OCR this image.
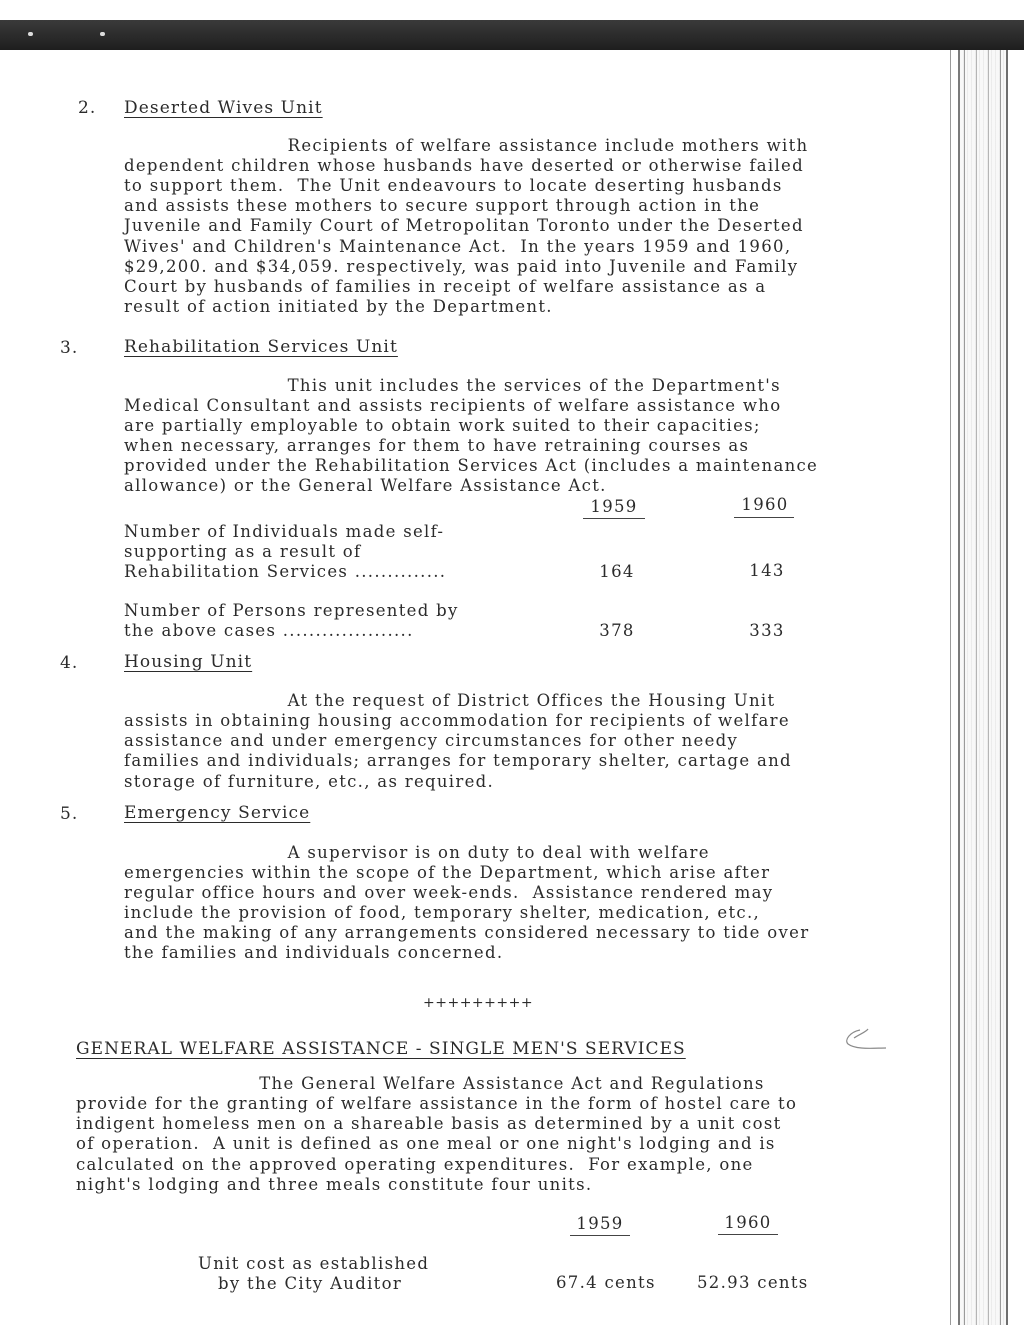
2. Deserted Wives Unit

Recipients of welfare assistance include mothers with

dependent children whose husbands have deserted or otherwise failed

to support them.  The Unit endeavours to locate deserting husbands

and assists these mothers to secure support through action in the

Juvenile and Family Court of Metropolitan Toronto under the Deserted

Wives' and Children's Maintenance Act.  In the years 1959 and 1960,

$29,200. and $34,059. respectively, was paid into Juvenile and Family

Court by husbands of families in receipt of welfare assistance as a

result of action initiated by the Department.

3.	Rehabilitation Services Unit

This unit includes the services of the Department's

Medical Consultant and assists recipients of welfare assistance who

are partially employable to obtain work suited to their capacities;

when necessary, arranges for them to have retraining courses as

provided under the Rehabilitation Services Act (includes a maintenance

allowance) or the General Welfare Assistance Act.

1959	1960

Number of Individuals made self-

supporting as a result of

Rehabilitation Services ..............	164	143

Number of Persons represented by

the above cases ....................	378	333

4.	Housing Unit

At the request of District Offices the Housing Unit

assists in obtaining housing accommodation for recipients of welfare

assistance and under emergency circumstances for other needy

families and individuals; arranges for temporary shelter, cartage and

storage of furniture, etc., as required.

5.	Emergency Service

A supervisor is on duty to deal with welfare

emergencies within the scope of the Department, which arise after

regular office hours and over week-ends.  Assistance rendered may

include the provision of food, temporary shelter, medication, etc.,

and the making of any arrangements considered necessary to tide over

the families and individuals concerned.

+++++++++

GENERAL WELFARE ASSISTANCE - SINGLE MEN'S SERVICES

The General Welfare Assistance Act and Regulations

provide for the granting of welfare assistance in the form of hostel care to

indigent homeless men on a shareable basis as determined by a unit cost

of operation.  A unit is defined as one meal or one night's lodging and is

calculated on the approved operating expenditures.  For example, one

night's lodging and three meals constitute four units.

1959	1960

Unit cost as established

by the City Auditor	67.4 cents	52.93 cents
